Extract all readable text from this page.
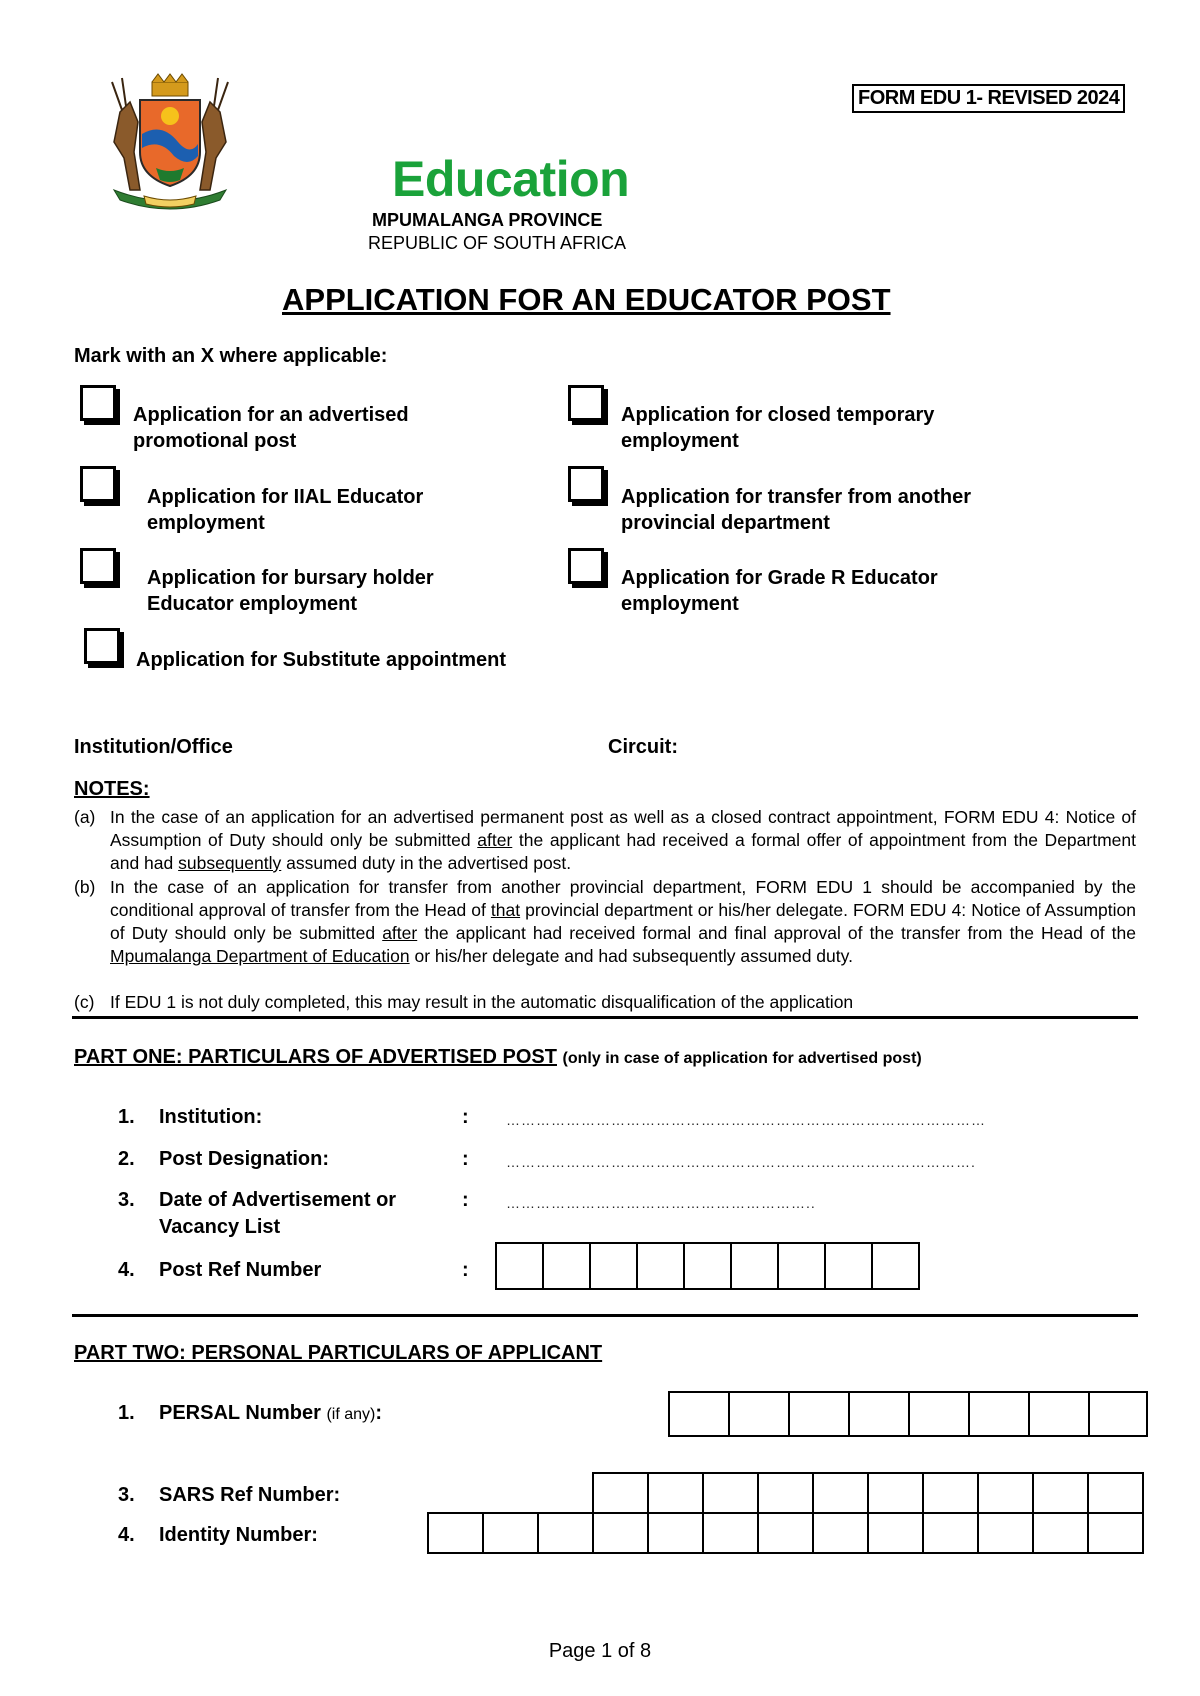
FORM EDU 1- REVISED 2024
Education
MPUMALANGA PROVINCE
REPUBLIC OF SOUTH AFRICA
APPLICATION FOR AN EDUCATOR POST
Mark with an X where applicable:
Application for an advertised
promotional post
Application for closed temporary
employment
Application for IIAL Educator
employment
Application for transfer from another
provincial department
Application for bursary holder
Educator employment
Application for Grade R Educator
employment
Application for Substitute appointment
Institution/Office	Circuit:
NOTES:
(a) In the case of an application for an advertised permanent post as well as a closed contract appointment, FORM EDU 4: Notice of Assumption of Duty should only be submitted after the applicant had received a formal offer of appointment from the Department and had subsequently assumed duty in the advertised post.
(b) In the case of an application for transfer from another provincial department, FORM EDU 1 should be accompanied by the conditional approval of transfer from the Head of that provincial department or his/her delegate. FORM EDU 4: Notice of Assumption of Duty should only be submitted after the applicant had received formal and final approval of the transfer from the Head of the Mpumalanga Department of Education or his/her delegate and had subsequently assumed duty.
(c) If EDU 1 is not duly completed, this may result in the automatic disqualification of the application
PART ONE: PARTICULARS OF ADVERTISED POST (only in case of application for advertised post)
1. Institution:	:	……………………………………………………………………………………
2. Post Designation:	:	………………………………………………………………………………….
3. Date of Advertisement or
Vacancy List
:	……………………………………………………..
4. Post Ref Number	:
PART TWO: PERSONAL PARTICULARS OF APPLICANT
1. PERSAL Number (if any):
3. SARS Ref Number:
4. Identity Number:
Page 1 of 8
